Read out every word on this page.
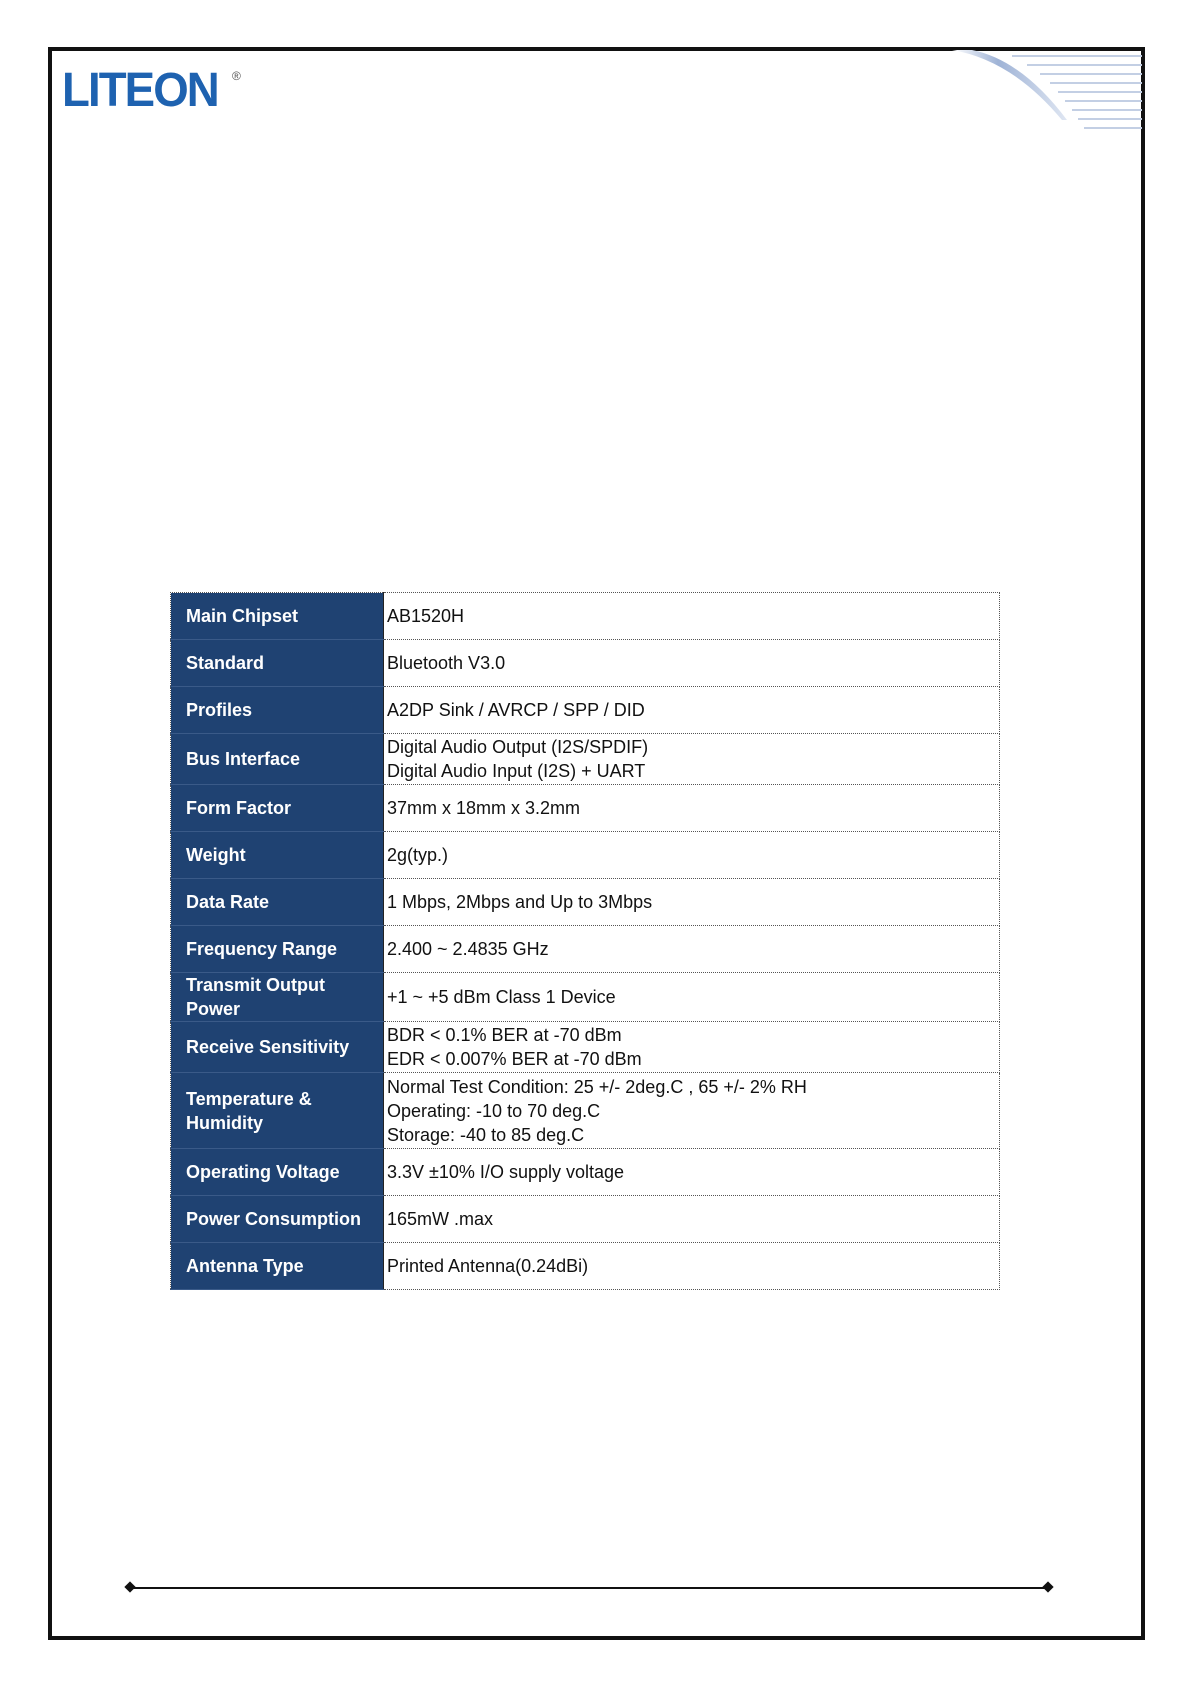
LITEON ®
Main Chipset	AB1520H

Standard	Bluetooth V3.0

Profiles	A2DP Sink / AVRCP / SPP / DID

Bus Interface	Digital Audio Output (I2S/SPDIF)
Digital Audio Input (I2S) + UART

Form Factor	37mm x 18mm x 3.2mm

Weight	2g(typ.)

Data Rate	1 Mbps, 2Mbps and Up to 3Mbps

Frequency Range	2.400 ~ 2.4835 GHz

Transmit Output Power	+1 ~ +5 dBm Class 1 Device

Receive Sensitivity	BDR < 0.1% BER at -70 dBm
EDR < 0.007% BER at -70 dBm

Temperature &
Humidity	Normal Test Condition: 25 +/- 2deg.C , 65 +/- 2% RH
Operating: -10 to 70 deg.C
Storage: -40 to 85 deg.C

Operating Voltage	3.3V ±10% I/O supply voltage

Power Consumption	165mW .max

Antenna Type	Printed Antenna(0.24dBi)
